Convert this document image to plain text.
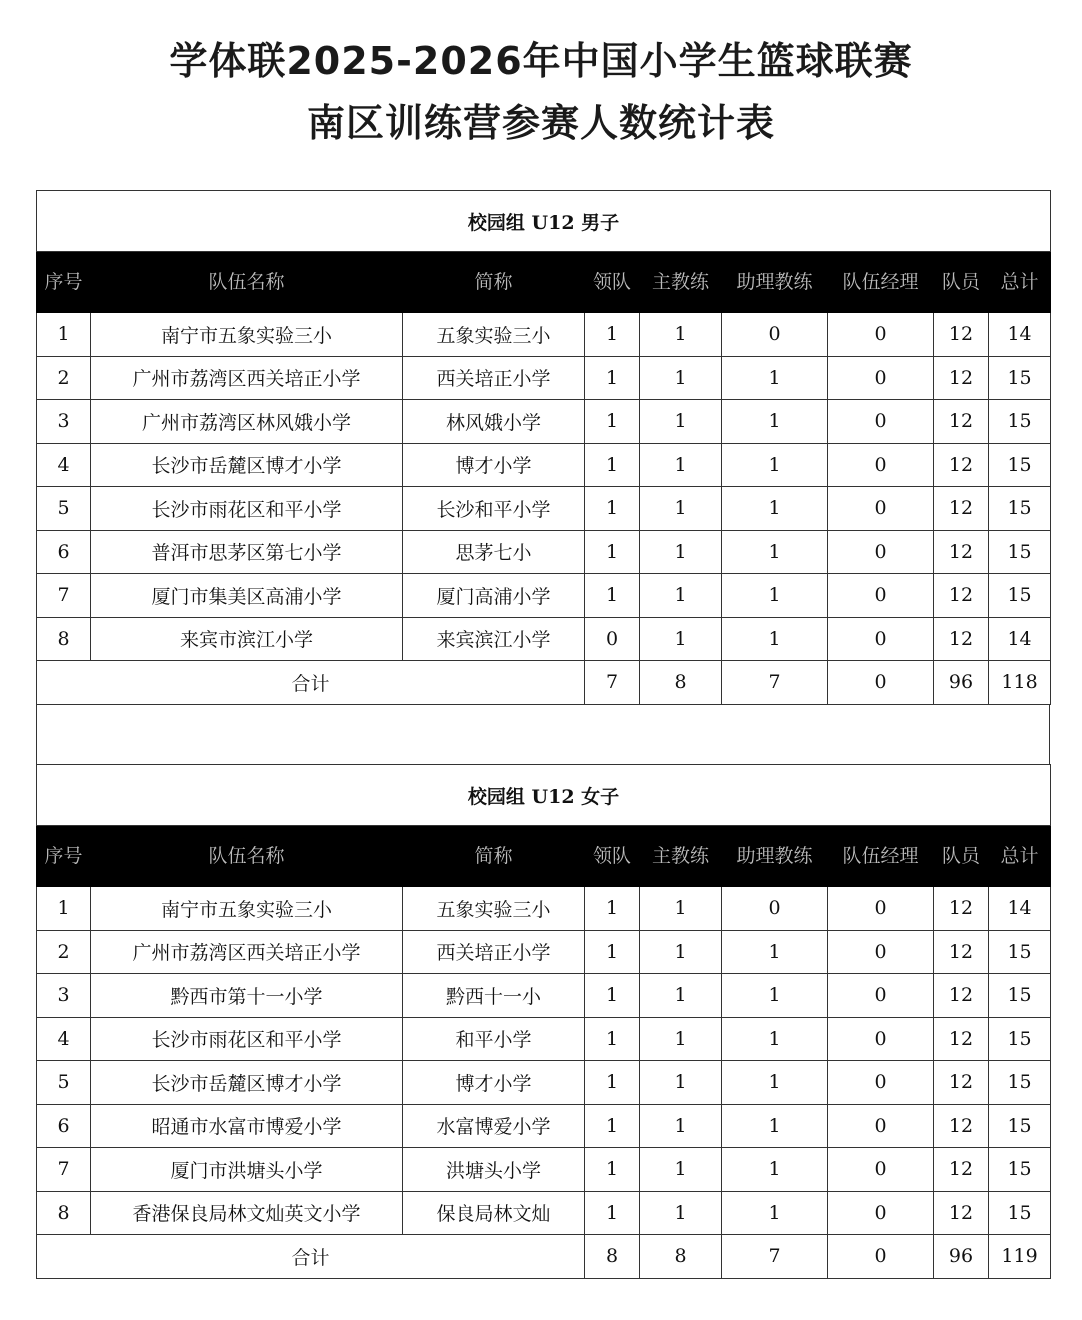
学体联2025-2026年中国小学生篮球联赛
南区训练营参赛人数统计表
校园组 U12 男子								
序号	队伍名称	简称	领队	主教练	助理教练	队伍经理	队员	总计
1	南宁市五象实验三小	五象实验三小	1	1	0	0	12	14
2	广州市荔湾区西关培正小学	西关培正小学	1	1	1	0	12	15
3	广州市荔湾区林风娥小学	林风娥小学	1	1	1	0	12	15
4	长沙市岳麓区博才小学	博才小学	1	1	1	0	12	15
5	长沙市雨花区和平小学	长沙和平小学	1	1	1	0	12	15
6	普洱市思茅区第七小学	思茅七小	1	1	1	0	12	15
7	厦门市集美区高浦小学	厦门高浦小学	1	1	1	0	12	15
8	来宾市滨江小学	来宾滨江小学	0	1	1	0	12	14
合计			7	8	7	0	96	118
校园组 U12 女子								
序号	队伍名称	简称	领队	主教练	助理教练	队伍经理	队员	总计
1	南宁市五象实验三小	五象实验三小	1	1	0	0	12	14
2	广州市荔湾区西关培正小学	西关培正小学	1	1	1	0	12	15
3	黔西市第十一小学	黔西十一小	1	1	1	0	12	15
4	长沙市雨花区和平小学	和平小学	1	1	1	0	12	15
5	长沙市岳麓区博才小学	博才小学	1	1	1	0	12	15
6	昭通市水富市博爱小学	水富博爱小学	1	1	1	0	12	15
7	厦门市洪塘头小学	洪塘头小学	1	1	1	0	12	15
8	香港保良局林文灿英文小学	保良局林文灿	1	1	1	0	12	15
合计			8	8	7	0	96	119
